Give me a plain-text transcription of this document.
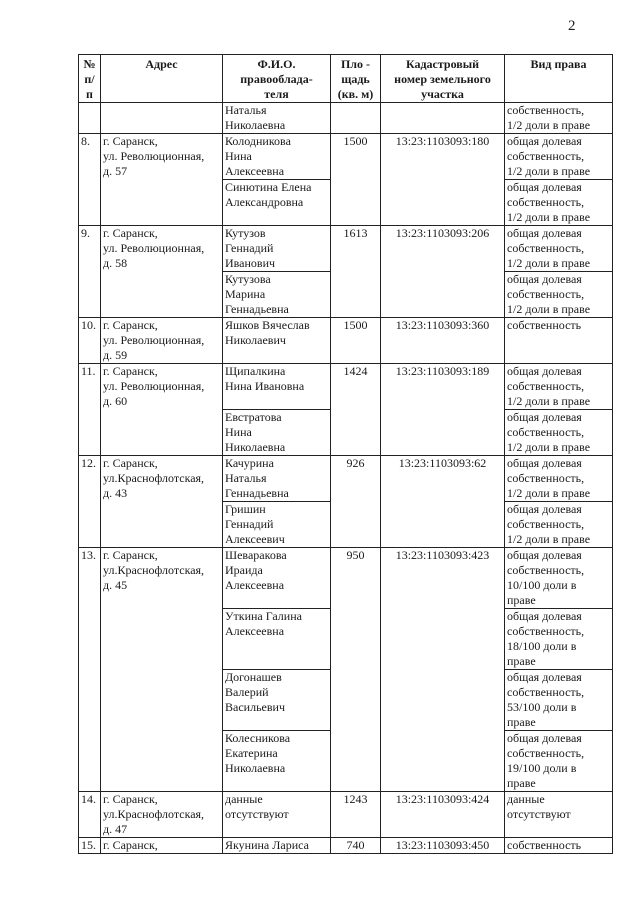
2
№
п/
п	Адрес	Ф.И.О.
правообладa-
теля	Пло -
щадь
(кв. м)	Кадастровый
номер земельного
участка	Вид права
		Наталья
Николаевна			собственность,
1/2 доли в праве
8.	г. Саранск,
ул. Революционная,
д. 57	Колодникова
Нина
Алексеевна	1500	13:23:1103093:180	общая долевая
собственность,
1/2 доли в праве
		Синютина Елена
Александровна			общая долевая
собственность,
1/2 доли в праве
9.	г. Саранск,
ул. Революционная,
д. 58	Кутузов
Геннадий
Иванович	1613	13:23:1103093:206	общая долевая
собственность,
1/2 доли в праве
		Кутузова
Марина
Геннадьевна			общая долевая
собственность,
1/2 доли в праве
10.	г. Саранск,
ул. Революционная,
д. 59	Яшков Вячеслав
Николаевич	1500	13:23:1103093:360	собственность
11.	г. Саранск,
ул. Революционная,
д. 60	Щипалкина
Нина Ивановна	1424	13:23:1103093:189	общая долевая
собственность,
1/2 доли в праве
		Евстратова
Нина
Николаевна			общая долевая
собственность,
1/2 доли в праве
12.	г. Саранск,
ул.Краснофлотская,
д. 43	Качурина
Наталья
Геннадьевна	926	13:23:1103093:62	общая долевая
собственность,
1/2 доли в праве
		Гришин
Геннадий
Алексеевич			общая долевая
собственность,
1/2 доли в праве
13.	г. Саранск,
ул.Краснофлотская,
д. 45	Шеваракова
Ираида
Алексеевна	950	13:23:1103093:423	общая долевая
собственность,
10/100 доли в
праве
		Уткина Галина
Алексеевна			общая долевая
собственность,
18/100 доли в
праве
		Догонашев
Валерий
Васильевич			общая долевая
собственность,
53/100 доли в
праве
		Колесникова
Екатерина
Николаевна			общая долевая
собственность,
19/100 доли в
праве
14.	г. Саранск,
ул.Краснофлотская,
д. 47	данные
отсутствуют	1243	13:23:1103093:424	данные
отсутствуют
15.	г. Саранск,	Якунина Лариса	740	13:23:1103093:450	собственность
